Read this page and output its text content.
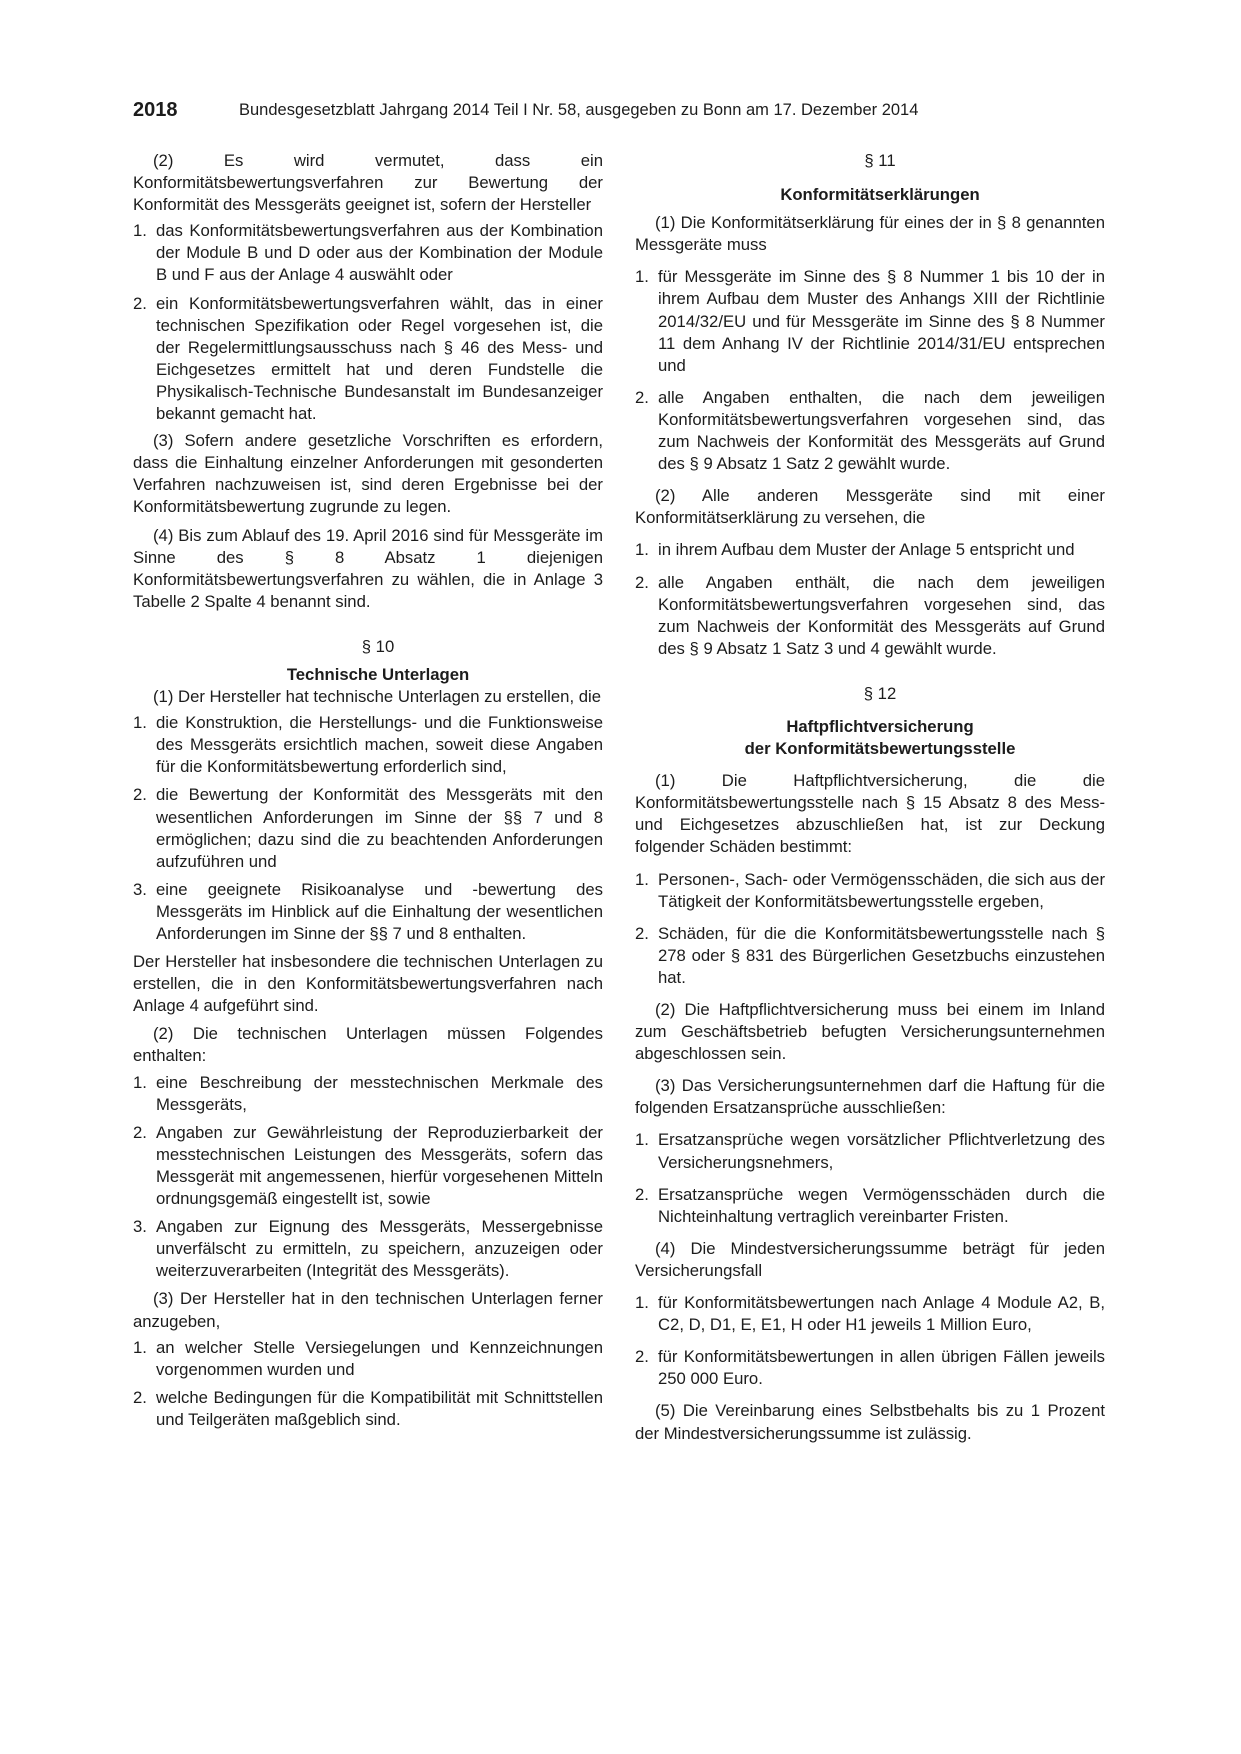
2018	Bundesgesetzblatt Jahrgang 2014 Teil I Nr. 58, ausgegeben zu Bonn am 17. Dezember 2014

(2) Es wird vermutet, dass ein Konformitätsbewertungsverfahren zur Bewertung der Konformität des Messgeräts geeignet ist, sofern der Hersteller

1. das Konformitätsbewertungsverfahren aus der Kombination der Module B und D oder aus der Kombination der Module B und F aus der Anlage 4 auswählt oder
2. ein Konformitätsbewertungsverfahren wählt, das in einer technischen Spezifikation oder Regel vorgesehen ist, die der Regelermittlungsausschuss nach § 46 des Mess- und Eichgesetzes ermittelt hat und deren Fundstelle die Physikalisch-Technische Bundesanstalt im Bundesanzeiger bekannt gemacht hat.

(3) Sofern andere gesetzliche Vorschriften es erfordern, dass die Einhaltung einzelner Anforderungen mit gesonderten Verfahren nachzuweisen ist, sind deren Ergebnisse bei der Konformitätsbewertung zugrunde zu legen.

(4) Bis zum Ablauf des 19. April 2016 sind für Messgeräte im Sinne des § 8 Absatz 1 diejenigen Konformitätsbewertungsverfahren zu wählen, die in Anlage 3 Tabelle 2 Spalte 4 benannt sind.

§ 10

Technische Unterlagen

(1) Der Hersteller hat technische Unterlagen zu erstellen, die

1. die Konstruktion, die Herstellungs- und die Funktionsweise des Messgeräts ersichtlich machen, soweit diese Angaben für die Konformitätsbewertung erforderlich sind,
2. die Bewertung der Konformität des Messgeräts mit den wesentlichen Anforderungen im Sinne der §§ 7 und 8 ermöglichen; dazu sind die zu beachtenden Anforderungen aufzuführen und
3. eine geeignete Risikoanalyse und -bewertung des Messgeräts im Hinblick auf die Einhaltung der wesentlichen Anforderungen im Sinne der §§ 7 und 8 enthalten.

Der Hersteller hat insbesondere die technischen Unterlagen zu erstellen, die in den Konformitätsbewertungsverfahren nach Anlage 4 aufgeführt sind.

(2) Die technischen Unterlagen müssen Folgendes enthalten:

1. eine Beschreibung der messtechnischen Merkmale des Messgeräts,
2. Angaben zur Gewährleistung der Reproduzierbarkeit der messtechnischen Leistungen des Messgeräts, sofern das Messgerät mit angemessenen, hierfür vorgesehenen Mitteln ordnungsgemäß eingestellt ist, sowie
3. Angaben zur Eignung des Messgeräts, Messergebnisse unverfälscht zu ermitteln, zu speichern, anzuzeigen oder weiterzuverarbeiten (Integrität des Messgeräts).

(3) Der Hersteller hat in den technischen Unterlagen ferner anzugeben,

1. an welcher Stelle Versiegelungen und Kennzeichnungen vorgenommen wurden und
2. welche Bedingungen für die Kompatibilität mit Schnittstellen und Teilgeräten maßgeblich sind.

§ 11

Konformitätserklärungen

(1) Die Konformitätserklärung für eines der in § 8 genannten Messgeräte muss

1. für Messgeräte im Sinne des § 8 Nummer 1 bis 10 der in ihrem Aufbau dem Muster des Anhangs XIII der Richtlinie 2014/32/EU und für Messgeräte im Sinne des § 8 Nummer 11 dem Anhang IV der Richtlinie 2014/31/EU entsprechen und
2. alle Angaben enthalten, die nach dem jeweiligen Konformitätsbewertungsverfahren vorgesehen sind, das zum Nachweis der Konformität des Messgeräts auf Grund des § 9 Absatz 1 Satz 2 gewählt wurde.

(2) Alle anderen Messgeräte sind mit einer Konformitätserklärung zu versehen, die

1. in ihrem Aufbau dem Muster der Anlage 5 entspricht und
2. alle Angaben enthält, die nach dem jeweiligen Konformitätsbewertungsverfahren vorgesehen sind, das zum Nachweis der Konformität des Messgeräts auf Grund des § 9 Absatz 1 Satz 3 und 4 gewählt wurde.

§ 12

Haftpflichtversicherung

der Konformitätsbewertungsstelle

(1) Die Haftpflichtversicherung, die die Konformitätsbewertungsstelle nach § 15 Absatz 8 des Mess- und Eichgesetzes abzuschließen hat, ist zur Deckung folgender Schäden bestimmt:

1. Personen-, Sach- oder Vermögensschäden, die sich aus der Tätigkeit der Konformitätsbewertungsstelle ergeben,
2. Schäden, für die die Konformitätsbewertungsstelle nach § 278 oder § 831 des Bürgerlichen Gesetzbuchs einzustehen hat.

(2) Die Haftpflichtversicherung muss bei einem im Inland zum Geschäftsbetrieb befugten Versicherungsunternehmen abgeschlossen sein.

(3) Das Versicherungsunternehmen darf die Haftung für die folgenden Ersatzansprüche ausschließen:

1. Ersatzansprüche wegen vorsätzlicher Pflichtverletzung des Versicherungsnehmers,
2. Ersatzansprüche wegen Vermögensschäden durch die Nichteinhaltung vertraglich vereinbarter Fristen.

(4) Die Mindestversicherungssumme beträgt für jeden Versicherungsfall

1. für Konformitätsbewertungen nach Anlage 4 Module A2, B, C2, D, D1, E, E1, H oder H1 jeweils 1 Million Euro,
2. für Konformitätsbewertungen in allen übrigen Fällen jeweils 250 000 Euro.

(5) Die Vereinbarung eines Selbstbehalts bis zu 1 Prozent der Mindestversicherungssumme ist zulässig.
